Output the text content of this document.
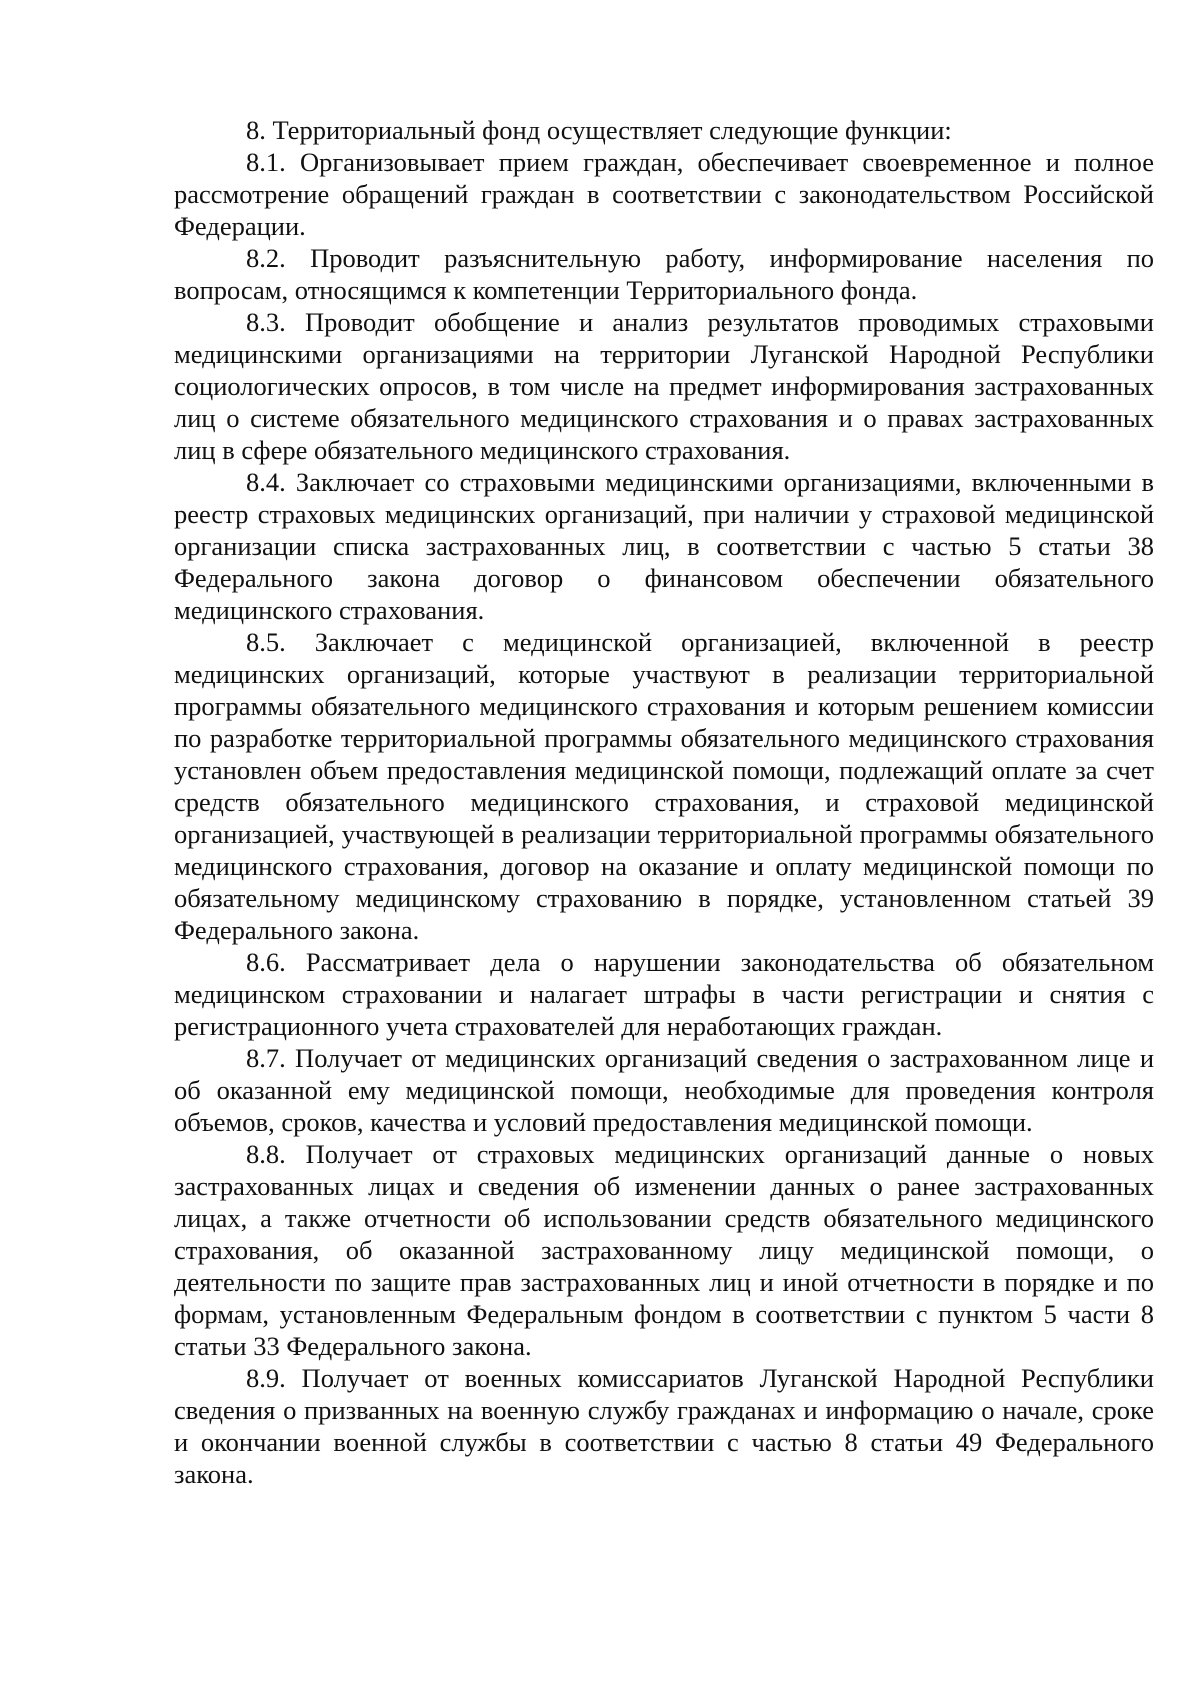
8. Территориальный фонд осуществляет следующие функции:

8.1. Организовывает прием граждан, обеспечивает своевременное и полное рассмотрение обращений граждан в соответствии с законодательством Российской Федерации.

8.2. Проводит разъяснительную работу, информирование населения по вопросам, относящимся к компетенции Территориального фонда.

8.3. Проводит обобщение и анализ результатов проводимых страховыми медицинскими организациями на территории Луганской Народной Республики социологических опросов, в том числе на предмет информирования застрахованных лиц о системе обязательного медицинского страхования и о правах застрахованных лиц в сфере обязательного медицинского страхования.

8.4. Заключает со страховыми медицинскими организациями, включенными в реестр страховых медицинских организаций, при наличии у страховой медицинской организации списка застрахованных лиц, в соответствии с частью 5 статьи 38 Федерального закона договор о финансовом обеспечении обязательного медицинского страхования.

8.5. Заключает с медицинской организацией, включенной в реестр медицинских организаций, которые участвуют в реализации территориальной программы обязательного медицинского страхования и которым решением комиссии по разработке территориальной программы обязательного медицинского страхования установлен объем предоставления медицинской помощи, подлежащий оплате за счет средств обязательного медицинского страхования, и страховой медицинской организацией, участвующей в реализации территориальной программы обязательного медицинского страхования, договор на оказание и оплату медицинской помощи по обязательному медицинскому страхованию в порядке, установленном статьей 39 Федерального закона.

8.6. Рассматривает дела о нарушении законодательства об обязательном медицинском страховании и налагает штрафы в части регистрации и снятия с регистрационного учета страхователей для неработающих граждан.

8.7. Получает от медицинских организаций сведения о застрахованном лице и об оказанной ему медицинской помощи, необходимые для проведения контроля объемов, сроков, качества и условий предоставления медицинской помощи.

8.8. Получает от страховых медицинских организаций данные о новых застрахованных лицах и сведения об изменении данных о ранее застрахованных лицах, а также отчетности об использовании средств обязательного медицинского страхования, об оказанной застрахованному лицу медицинской помощи, о деятельности по защите прав застрахованных лиц и иной отчетности в порядке и по формам, установленным Федеральным фондом в соответствии с пунктом 5 части 8 статьи 33 Федерального закона.

8.9. Получает от военных комиссариатов Луганской Народной Республики сведения о призванных на военную службу гражданах и информацию о начале, сроке и окончании военной службы в соответствии с частью 8 статьи 49 Федерального закона.
